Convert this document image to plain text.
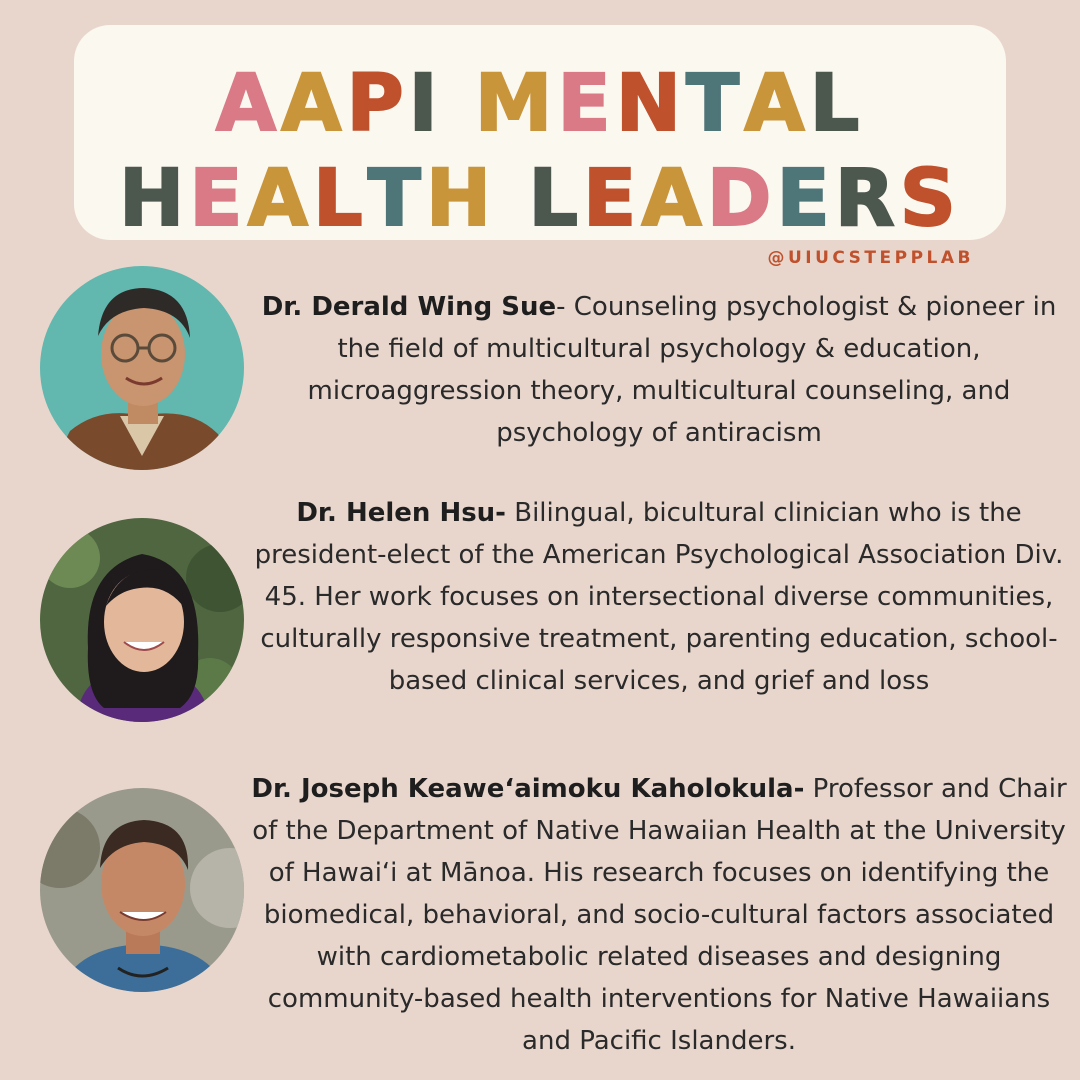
AAPI MENTAL
HEALTH LEADERS
@UIUCSTEPPLAB
Dr. Derald Wing Sue- Counseling psychologist & pioneer in the field of multicultural psychology & education, microaggression theory, multicultural counseling, and psychology of antiracism
Dr. Helen Hsu- Bilingual, bicultural clinician who is the president-elect of the American Psychological Association Div. 45. Her work focuses on intersectional diverse communities, culturally responsive treatment, parenting education, school-based clinical services, and grief and loss
Dr. Joseph Keawe‘aimoku Kaholokula- Professor and Chair of the Department of Native Hawaiian Health at the University of Hawai‘i at Mānoa. His research focuses on identifying the biomedical, behavioral, and socio-cultural factors associated with cardiometabolic related diseases and designing community-based health interventions for Native Hawaiians and Pacific Islanders.
